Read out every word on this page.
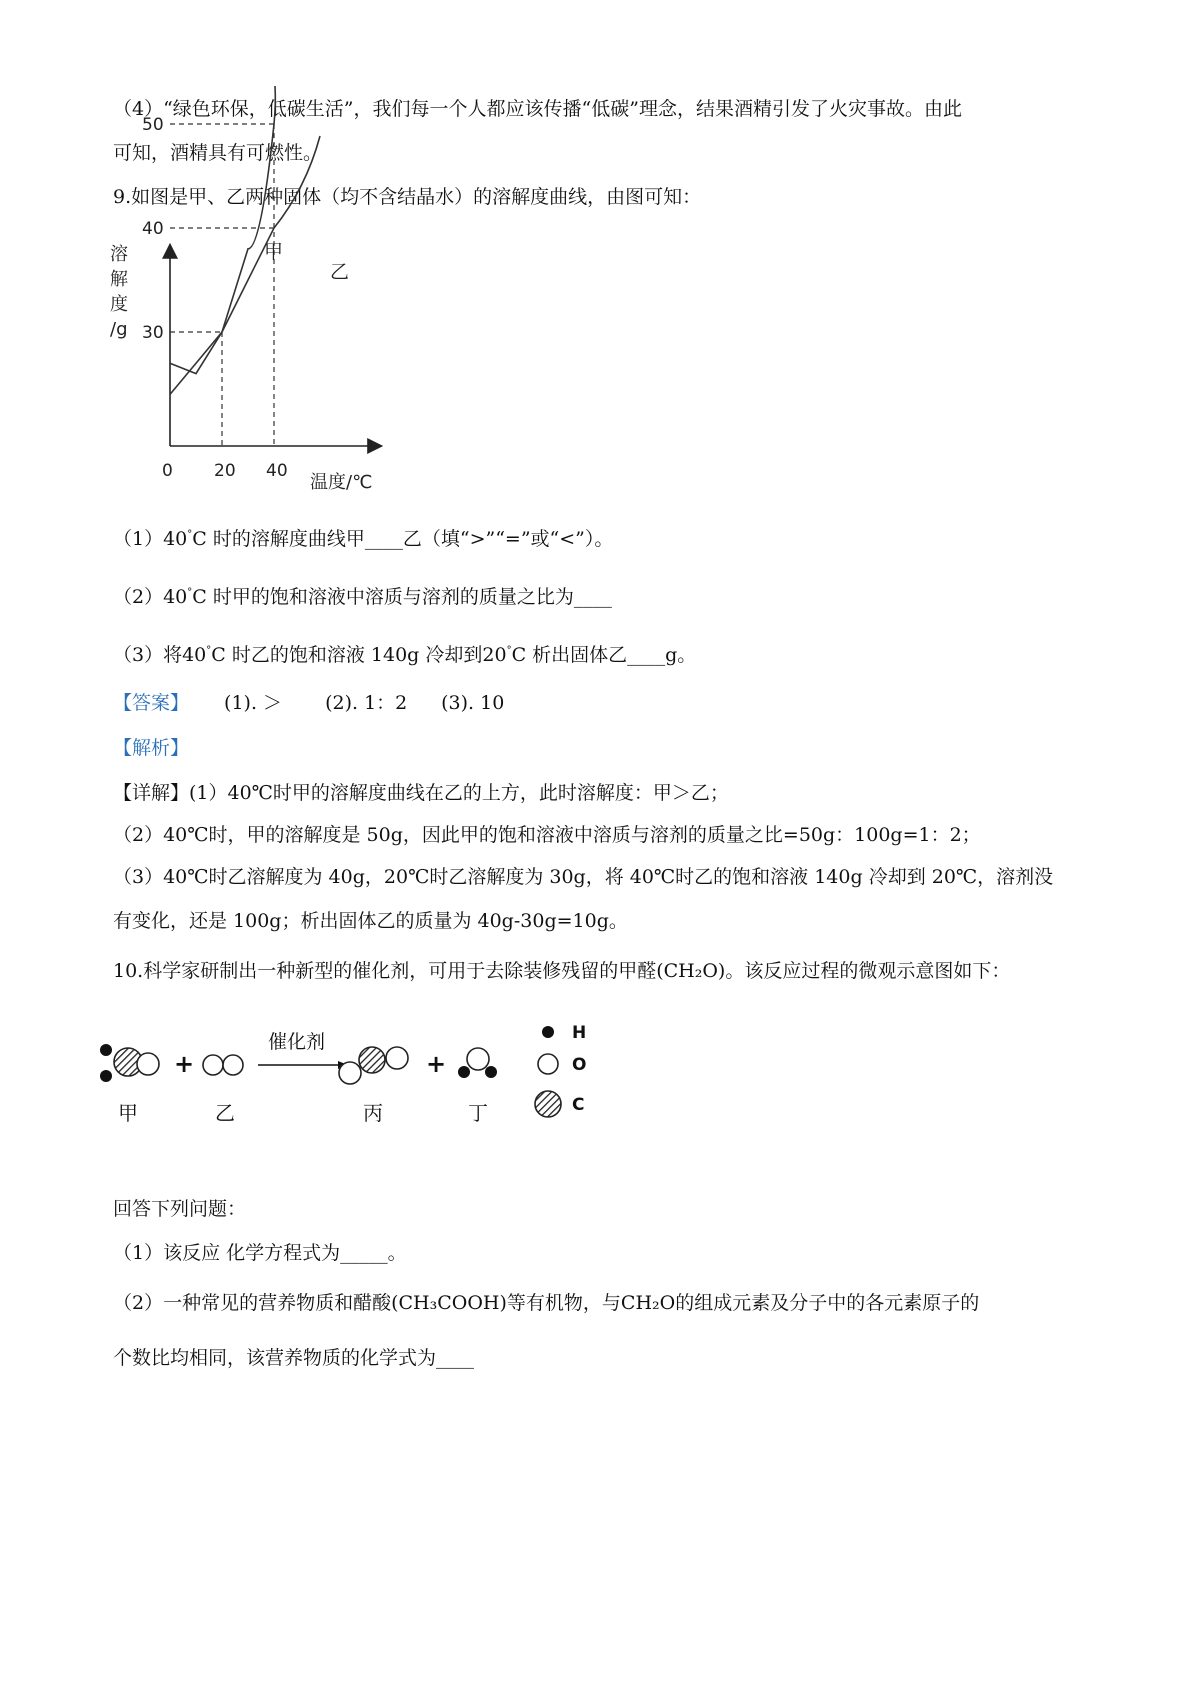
（4）“绿色环保，低碳生活”，我们每一个人都应该传播“低碳”理念，结果酒精引发了火灾事故。由此
可知，酒精具有可燃性。
9.如图是甲、乙两种固体（均不含结晶水）的溶解度曲线，由图可知：
溶
解
度
/g
温度/℃
0 20 40
30
40
50
甲
乙
（1）40°C 时的溶解度曲线甲____乙（填“>”“=”或“<”）。
（2）40°C 时甲的饱和溶液中溶质与溶剂的质量之比为____
（3）将40°C 时乙的饱和溶液 140g 冷却到20°C 析出固体乙____g。
【答案】 (1). ＞ (2). 1：2 (3). 10
【解析】
【详解】(1）40℃时甲的溶解度曲线在乙的上方，此时溶解度：甲＞乙；
（2）40℃时，甲的溶解度是 50g，因此甲的饱和溶液中溶质与溶剂的质量之比=50g：100g=1：2；
（3）40℃时乙溶解度为 40g，20℃时乙溶解度为 30g，将 40℃时乙的饱和溶液 140g 冷却到 20℃，溶剂没
有变化，还是 100g；析出固体乙的质量为 40g-30g=10g。
10.科学家研制出一种新型的催化剂，可用于去除装修残留的甲醛(CH₂O)。该反应过程的微观示意图如下：
+
催化剂
+
甲	乙	丙	丁
H
O
C
回答下列问题：
（1）该反应 化学方程式为_____。
（2）一种常见的营养物质和醋酸(CH₃COOH)等有机物，与CH₂O的组成元素及分子中的各元素原子的
个数比均相同，该营养物质的化学式为____
